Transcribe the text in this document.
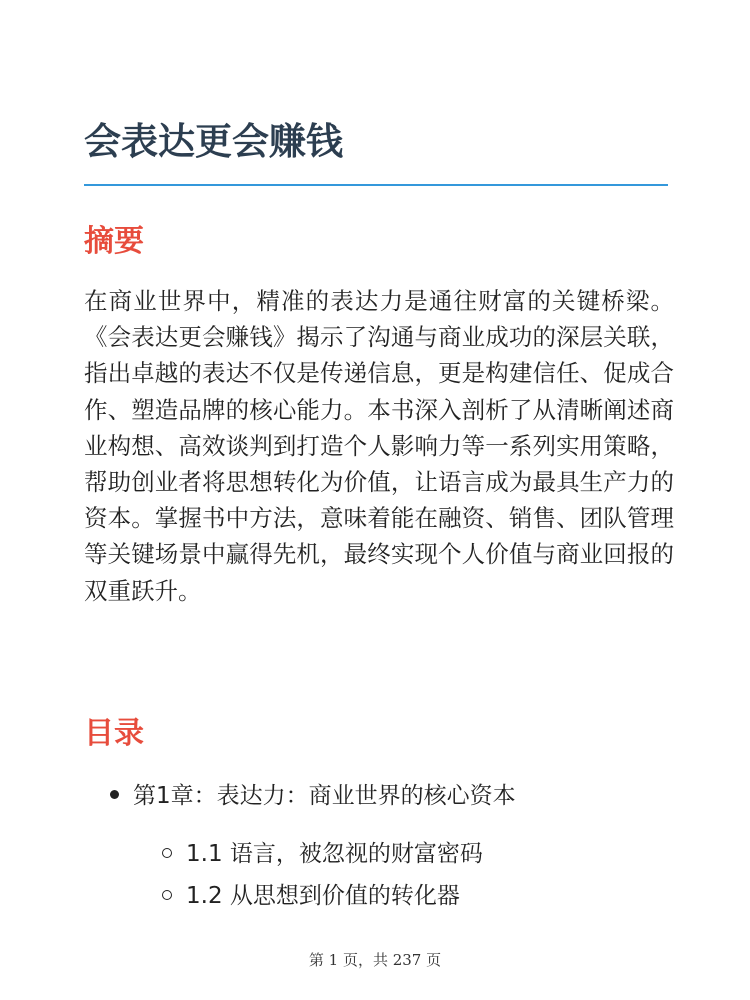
会表达更会赚钱
摘要

在商业世界中，精准的表达力是通往财富的关键桥梁。《会表达更会赚钱》揭示了沟通与商业成功的深层关联，指出卓越的表达不仅是传递信息，更是构建信任、促成合作、塑造品牌的核心能力。本书深入剖析了从清晰阐述商业构想、高效谈判到打造个人影响力等一系列实用策略，帮助创业者将思想转化为价值，让语言成为最具生产力的资本。掌握书中方法，意味着能在融资、销售、团队管理等关键场景中赢得先机，最终实现个人价值与商业回报的双重跃升。

目录
第1章：表达力：商业世界的核心资本
1.1 语言，被忽视的财富密码
1.2 从思想到价值的转化器
第 1 页，共 237 页
